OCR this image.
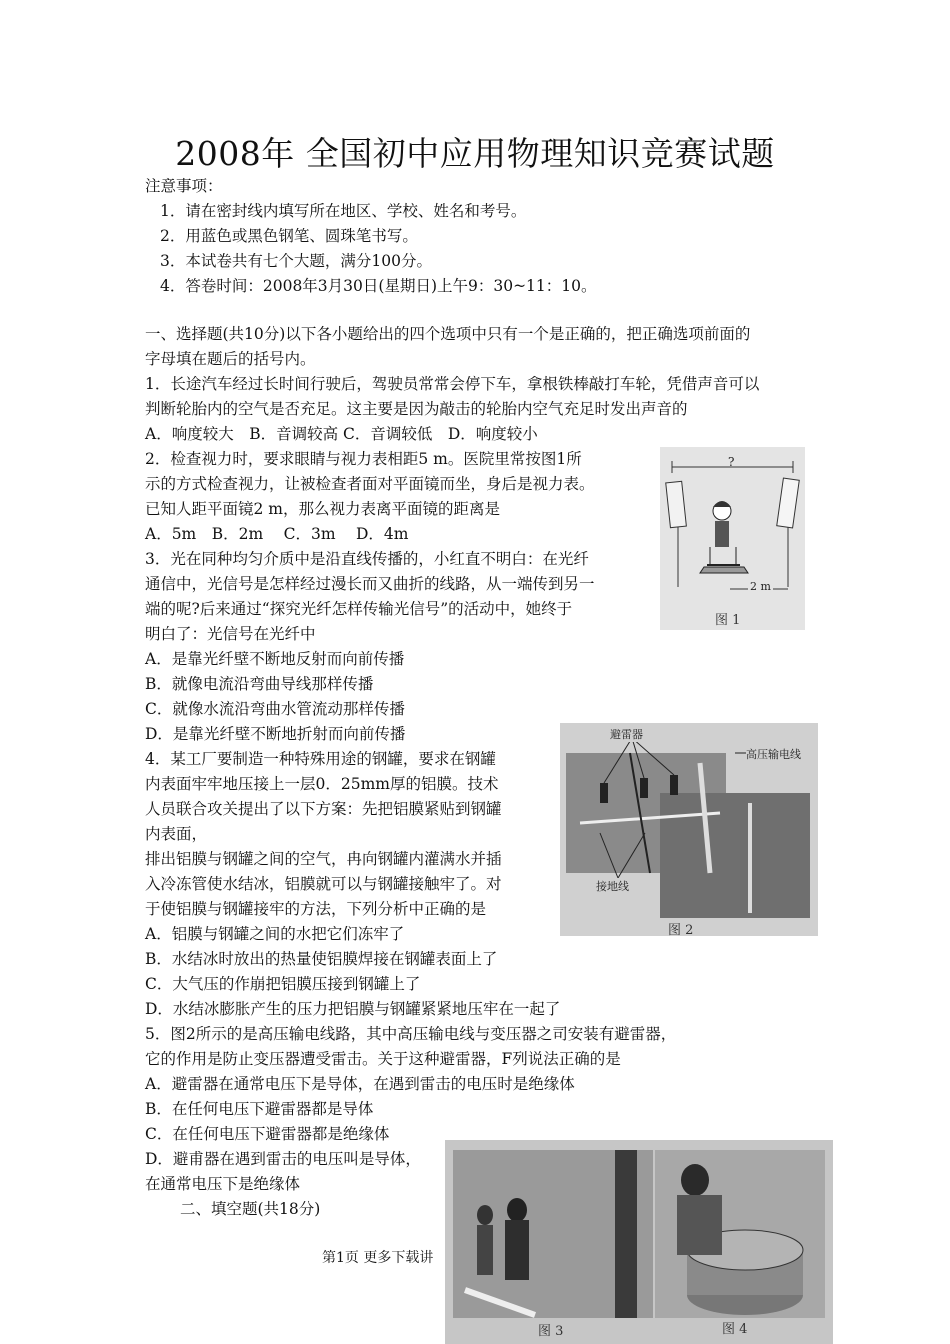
2008年 全国初中应用物理知识竞赛试题
注意事项：
1．请在密封线内填写所在地区、学校、姓名和考号。
2．用蓝色或黑色钢笔、圆珠笔书写。
3．本试卷共有七个大题，满分100分。
4．答卷时间：2008年3月30日(星期日)上午9：30~11：10。
一、选择题(共10分)以下各小题给出的四个选项中只有一个是正确的，把正确选项前面的
字母填在题后的括号内。
1．长途汽车经过长时间行驶后，驾驶员常常会停下车，拿根铁棒敲打车轮，凭借声音可以
判断轮胎内的空气是否充足。这主要是因为敲击的轮胎内空气充足时发出声音的
A．响度较大　B．音调较高 C．音调较低　D．响度较小
2．检查视力时，要求眼睛与视力表相距5 m。医院里常按图1所
示的方式检查视力，让被检查者面对平面镜而坐，身后是视力表。
已知人距平面镜2 m，那么视力表离平面镜的距离是
A．5m　B．2m　 C．3m　 D．4m
3．光在同种均匀介质中是沿直线传播的，小红直不明白：在光纤
通信中，光信号是怎样经过漫长而又曲折的线路，从一端传到另一
端的呢?后来通过“探究光纤怎样传输光信号”的活动中，她终于
明白了：光信号在光纤中
A．是靠光纤壁不断地反射而向前传播
B．就像电流沿弯曲导线那样传播
C．就像水流沿弯曲水管流动那样传播
D．是靠光纤壁不断地折射而向前传播
4．某工厂要制造一种特殊用途的钢罐，要求在钢罐
内表面牢牢地压接上一层0．25mm厚的铝膜。技术
人员联合攻关提出了以下方案：先把铝膜紧贴到钢罐
内表面，
排出铝膜与钢罐之间的空气，冉向钢罐内灌满水并插
入冷冻管使水结冰，铝膜就可以与钢罐接触牢了。对
于使铝膜与钢罐接牢的方法，下列分析中正确的是
A．铝膜与钢罐之间的水把它们冻牢了
B．水结冰时放出的热量使铝膜焊接在钢罐表面上了
C．大气压的作崩把铝膜压接到钢罐上了
D．水结冰膨胀产生的压力把铝膜与钢罐紧紧地压牢在一起了
5．图2所示的是高压输电线路，其中高压输电线与变压器之司安装有避雷器，
它的作用是防止变压器遭受雷击。关于这种避雷器，F列说法正确的是
A．避雷器在通常电压下是导体，在遇到雷击的电压时是绝缘体
B．在任何电压下避雷器都是导体
C．在任何电压下避雷器都是绝缘体
D．避甫器在遇到雷击的电压叫是导体，
在通常电压下是绝缘体
二、填空题(共18分)
第1页 更多下载讲
?
2 m
图 1
避雷器
高压输电线
接地线
图 2
图 3	图 4
